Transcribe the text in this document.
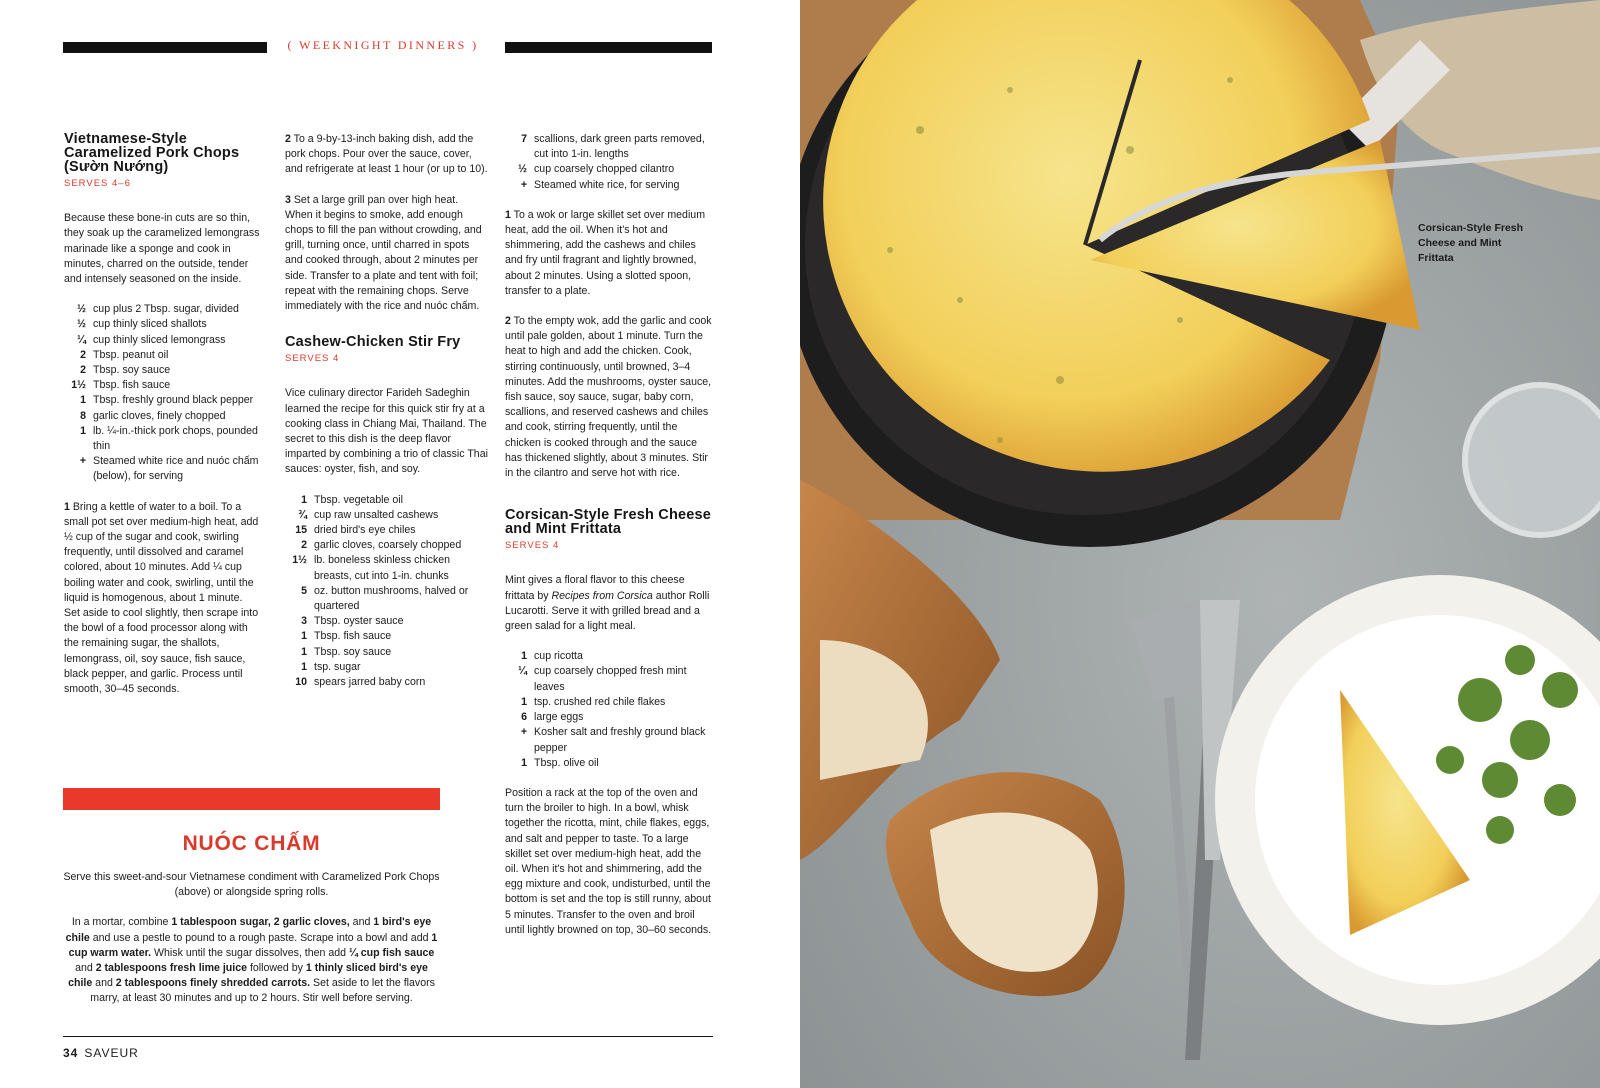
( WEEKNIGHT DINNERS )
Vietnamese-Style Caramelized Pork Chops (Sườn Nướng)
SERVES 4–6

Because these bone-in cuts are so thin, they soak up the caramelized lemongrass marinade like a sponge and cook in minutes, charred on the outside, tender and intensely seasoned on the inside.

½ cup plus 2 Tbsp. sugar, divided
½ cup thinly sliced shallots
¼ cup thinly sliced lemongrass
2 Tbsp. peanut oil
2 Tbsp. soy sauce
1½ Tbsp. fish sauce
1 Tbsp. freshly ground black pepper
8 garlic cloves, finely chopped
1 lb. ¼-in.-thick pork chops, pounded thin
+ Steamed white rice and nuóc chấm (below), for serving

1 Bring a kettle of water to a boil. To a small pot set over medium-high heat, add ½ cup of the sugar and cook, swirling frequently, until dissolved and caramel colored, about 10 minutes. Add ¼ cup boiling water and cook, swirling, until the liquid is homogenous, about 1 minute. Set aside to cool slightly, then scrape into the bowl of a food processor along with the remaining sugar, the shallots, lemongrass, oil, soy sauce, fish sauce, black pepper, and garlic. Process until smooth, 30–45 seconds.

2 To a 9-by-13-inch baking dish, add the pork chops. Pour over the sauce, cover, and refrigerate at least 1 hour (or up to 10).

3 Set a large grill pan over high heat. When it begins to smoke, add enough chops to fill the pan without crowding, and grill, turning once, until charred in spots and cooked through, about 2 minutes per side. Transfer to a plate and tent with foil; repeat with the remaining chops. Serve immediately with the rice and nuóc chấm.

Cashew-Chicken Stir Fry
SERVES 4

Vice culinary director Farideh Sadeghin learned the recipe for this quick stir fry at a cooking class in Chiang Mai, Thailand. The secret to this dish is the deep flavor imparted by combining a trio of classic Thai sauces: oyster, fish, and soy.

1 Tbsp. vegetable oil
¾ cup raw unsalted cashews
15 dried bird's eye chiles
2 garlic cloves, coarsely chopped
1½ lb. boneless skinless chicken breasts, cut into 1-in. chunks
5 oz. button mushrooms, halved or quartered
3 Tbsp. oyster sauce
1 Tbsp. fish sauce
1 Tbsp. soy sauce
1 tsp. sugar
10 spears jarred baby corn
7 scallions, dark green parts removed, cut into 1-in. lengths
½ cup coarsely chopped cilantro
+ Steamed white rice, for serving

1 To a wok or large skillet set over medium heat, add the oil. When it's hot and shimmering, add the cashews and chiles and fry until fragrant and lightly browned, about 2 minutes. Using a slotted spoon, transfer to a plate.

2 To the empty wok, add the garlic and cook until pale golden, about 1 minute. Turn the heat to high and add the chicken. Cook, stirring continuously, until browned, 3–4 minutes. Add the mushrooms, oyster sauce, fish sauce, soy sauce, sugar, baby corn, scallions, and reserved cashews and chiles and cook, stirring frequently, until the chicken is cooked through and the sauce has thickened slightly, about 3 minutes. Stir in the cilantro and serve hot with rice.

Corsican-Style Fresh Cheese and Mint Frittata
SERVES 4

Mint gives a floral flavor to this cheese frittata by Recipes from Corsica author Rolli Lucarotti. Serve it with grilled bread and a green salad for a light meal.

1 cup ricotta
¼ cup coarsely chopped fresh mint leaves
1 tsp. crushed red chile flakes
6 large eggs
+ Kosher salt and freshly ground black pepper
1 Tbsp. olive oil

Position a rack at the top of the oven and turn the broiler to high. In a bowl, whisk together the ricotta, mint, chile flakes, eggs, and salt and pepper to taste. To a large skillet set over medium-high heat, add the oil. When it's hot and shimmering, add the egg mixture and cook, undisturbed, until the bottom is set and the top is still runny, about 5 minutes. Transfer to the oven and broil until lightly browned on top, 30–60 seconds.

NUÓC CHẤM

Serve this sweet-and-sour Vietnamese condiment with Caramelized Pork Chops (above) or alongside spring rolls.

In a mortar, combine 1 tablespoon sugar, 2 garlic cloves, and 1 bird's eye chile and use a pestle to pound to a rough paste. Scrape into a bowl and add 1 cup warm water. Whisk until the sugar dissolves, then add ¼ cup fish sauce and 2 tablespoons fresh lime juice followed by 1 thinly sliced bird's eye chile and 2 tablespoons finely shredded carrots. Set aside to let the flavors marry, at least 30 minutes and up to 2 hours. Stir well before serving.

34 SAVEUR
Corsican-Style Fresh Cheese and Mint Frittata
